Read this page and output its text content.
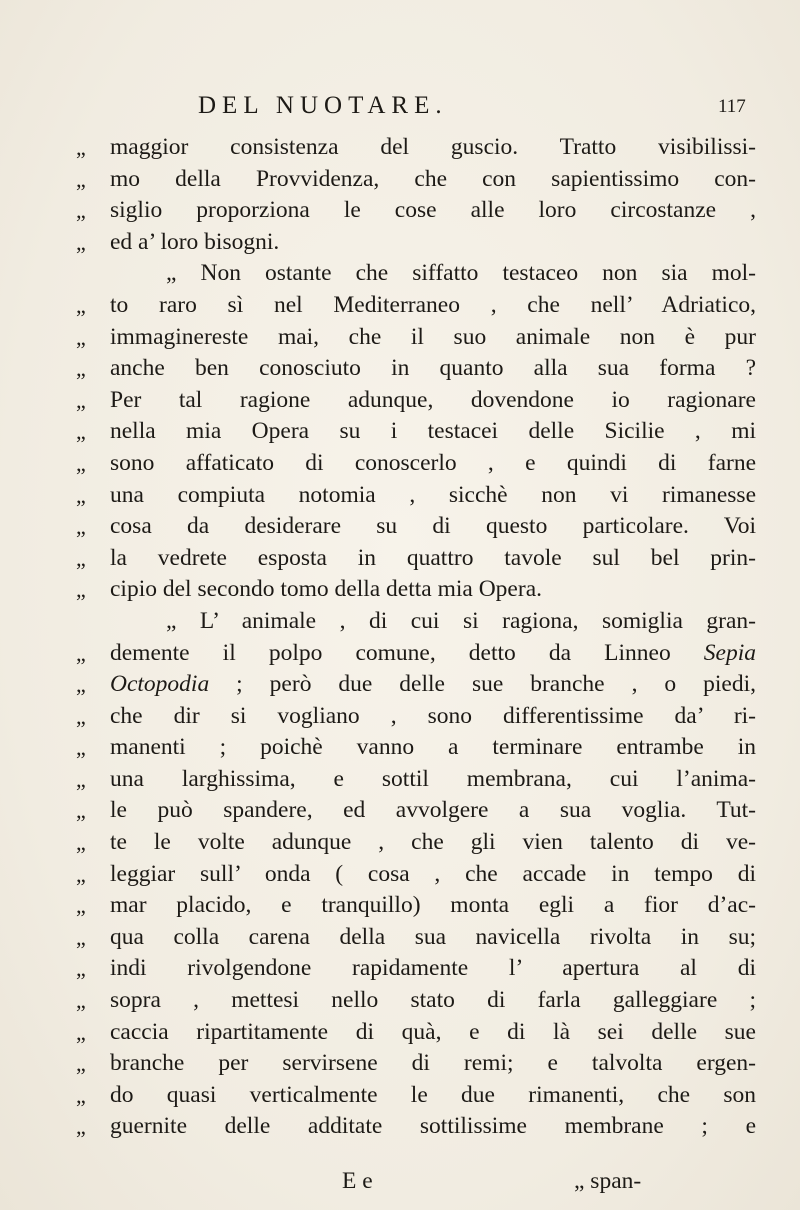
DEL NUOTARE.	117
„ maggior consistenza del guscio. Tratto visibilissi-
„ mo della Provvidenza, che con sapientissimo con-
„ siglio proporziona le cose alle loro circostanze ,
„ ed a’ loro bisogni.
„ Non ostante che siffatto testaceo non sia mol-
„ to raro sì nel Mediterraneo , che nell’ Adriatico,
„ immaginereste mai, che il suo animale non è pur
„ anche ben conosciuto in quanto alla sua forma ?
„ Per tal ragione adunque, dovendone io ragionare
„ nella mia Opera su i testacei delle Sicilie , mi
„ sono affaticato di conoscerlo , e quindi di farne
„ una compiuta notomia , sicchè non vi rimanesse
„ cosa da desiderare su di questo particolare. Voi
„ la vedrete esposta in quattro tavole sul bel prin-
„ cipio del secondo tomo della detta mia Opera.
„ L’ animale , di cui si ragiona, somiglia gran-
„ demente il polpo comune, detto da Linneo Sepia
„ Octopodia ; però due delle sue branche , o piedi,
„ che dir si vogliano , sono differentissime da’ ri-
„ manenti ; poichè vanno a terminare entrambe in
„ una larghissima, e sottil membrana, cui l’anima-
„ le può spandere, ed avvolgere a sua voglia. Tut-
„ te le volte adunque , che gli vien talento di ve-
„ leggiar sull’ onda ( cosa , che accade in tempo di
„ mar placido, e tranquillo) monta egli a fior d’ac-
„ qua colla carena della sua navicella rivolta in su;
„ indi rivolgendone rapidamente l’ apertura al di
„ sopra , mettesi nello stato di farla galleggiare ;
„ caccia ripartitamente di quà, e di là sei delle sue
„ branche per servirsene di remi; e talvolta ergen-
„ do quasi verticalmente le due rimanenti, che son
„ guernite delle additate sottilissime membrane ; e
E e	„ span-
